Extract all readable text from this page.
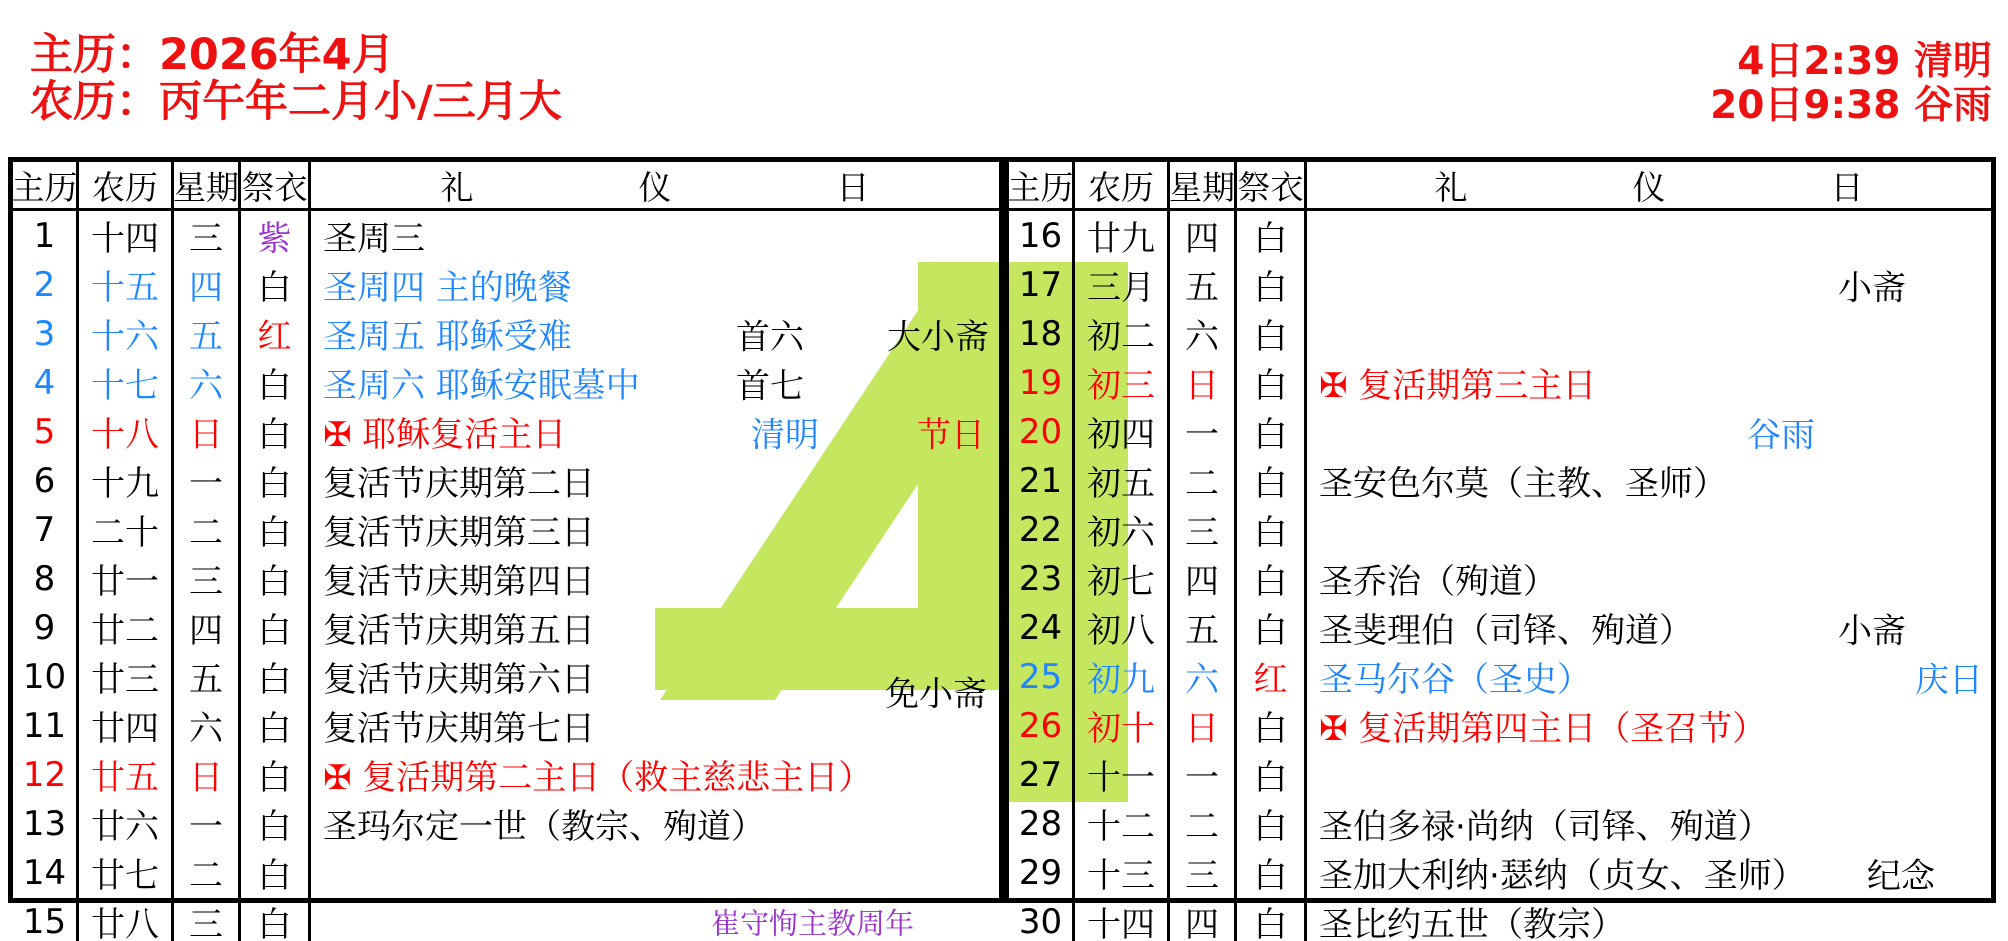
主历：2026年4月
农历：丙午年二月小/三月大
4日2:39 清明
20日9:38 谷雨
主历 农历 星期 祭衣	礼	仪	日
1	十四 三	紫 圣周三
2	十五 四	白 圣周四 主的晚餐
3	十六 五	红 圣周五 耶稣受难	首六 大小斋
4	十七 六	白 圣周六 耶稣安眠墓中	首七
5	十八 日	白 ✠ 耶稣复活主日	清明	节日
6	十九 一	白 复活节庆期第二日
7	二十 二	白 复活节庆期第三日
8	廿一 三	白 复活节庆期第四日
9	廿二 四	白 复活节庆期第五日
10 廿三 五	白 复活节庆期第六日	免小斋
11 廿四 六	白 复活节庆期第七日
12 廿五 日	白 ✠ 复活期第二主日（救主慈悲主日）
13 廿六 一	白 圣玛尔定一世（教宗、殉道）
14 廿七 二	白
15 廿八 三	白	崔守恂主教周年
主历 农历 星期 祭衣	礼	仪	日
16 廿九 四	白
17 三月 五	白	小斋
18 初二 六	白
19 初三 日	白 ✠ 复活期第三主日
20 初四 一	白	谷雨
21 初五 二	白 圣安色尔莫（主教、圣师）
22 初六 三	白
23 初七 四	白 圣乔治（殉道）
24 初八 五	白 圣斐理伯（司铎、殉道）	小斋
25 初九 六	红 圣马尔谷（圣史）	庆日
26 初十 日	白 ✠ 复活期第四主日（圣召节）
27 十一 一	白
28 十二 二	白 圣伯多禄·尚纳（司铎、殉道）
29 十三 三	白 圣加大利纳·瑟纳（贞女、圣师） 纪念
30 十四 四	白 圣比约五世（教宗）
